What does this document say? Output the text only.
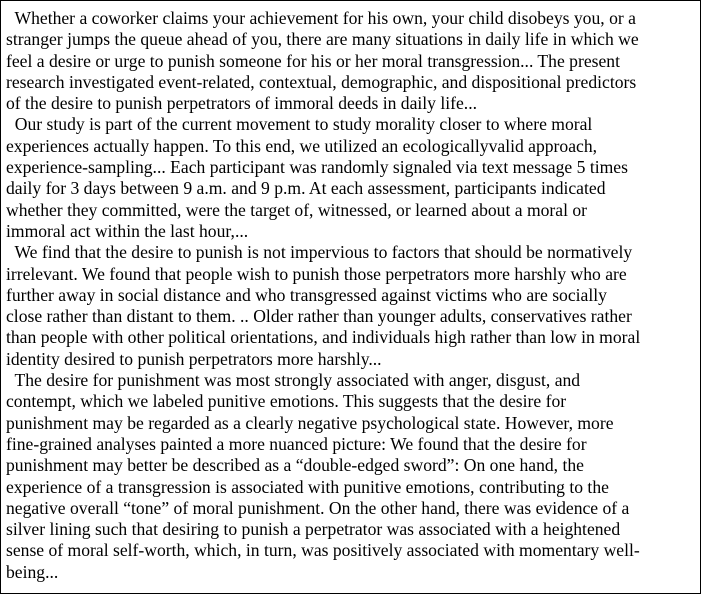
Whether a coworker claims your achievement for his own, your child disobeys you, or a
stranger jumps the queue ahead of you, there are many situations in daily life in which we
feel a desire or urge to punish someone for his or her moral transgression... The present
research investigated event-related, contextual, demographic, and dispositional predictors
of the desire to punish perpetrators of immoral deeds in daily life...
Our study is part of the current movement to study morality closer to where moral
experiences actually happen. To this end, we utilized an ecologicallyvalid approach,
experience-sampling... Each participant was randomly signaled via text message 5 times
daily for 3 days between 9 a.m. and 9 p.m. At each assessment, participants indicated
whether they committed, were the target of, witnessed, or learned about a moral or
immoral act within the last hour,...
We find that the desire to punish is not impervious to factors that should be normatively
irrelevant. We found that people wish to punish those perpetrators more harshly who are
further away in social distance and who transgressed against victims who are socially
close rather than distant to them. .. Older rather than younger adults, conservatives rather
than people with other political orientations, and individuals high rather than low in moral
identity desired to punish perpetrators more harshly...
The desire for punishment was most strongly associated with anger, disgust, and
contempt, which we labeled punitive emotions. This suggests that the desire for
punishment may be regarded as a clearly negative psychological state. However, more
fine-grained analyses painted a more nuanced picture: We found that the desire for
punishment may better be described as a “double-edged sword”: On one hand, the
experience of a transgression is associated with punitive emotions, contributing to the
negative overall “tone” of moral punishment. On the other hand, there was evidence of a
silver lining such that desiring to punish a perpetrator was associated with a heightened
sense of moral self-worth, which, in turn, was positively associated with momentary well-
being...
